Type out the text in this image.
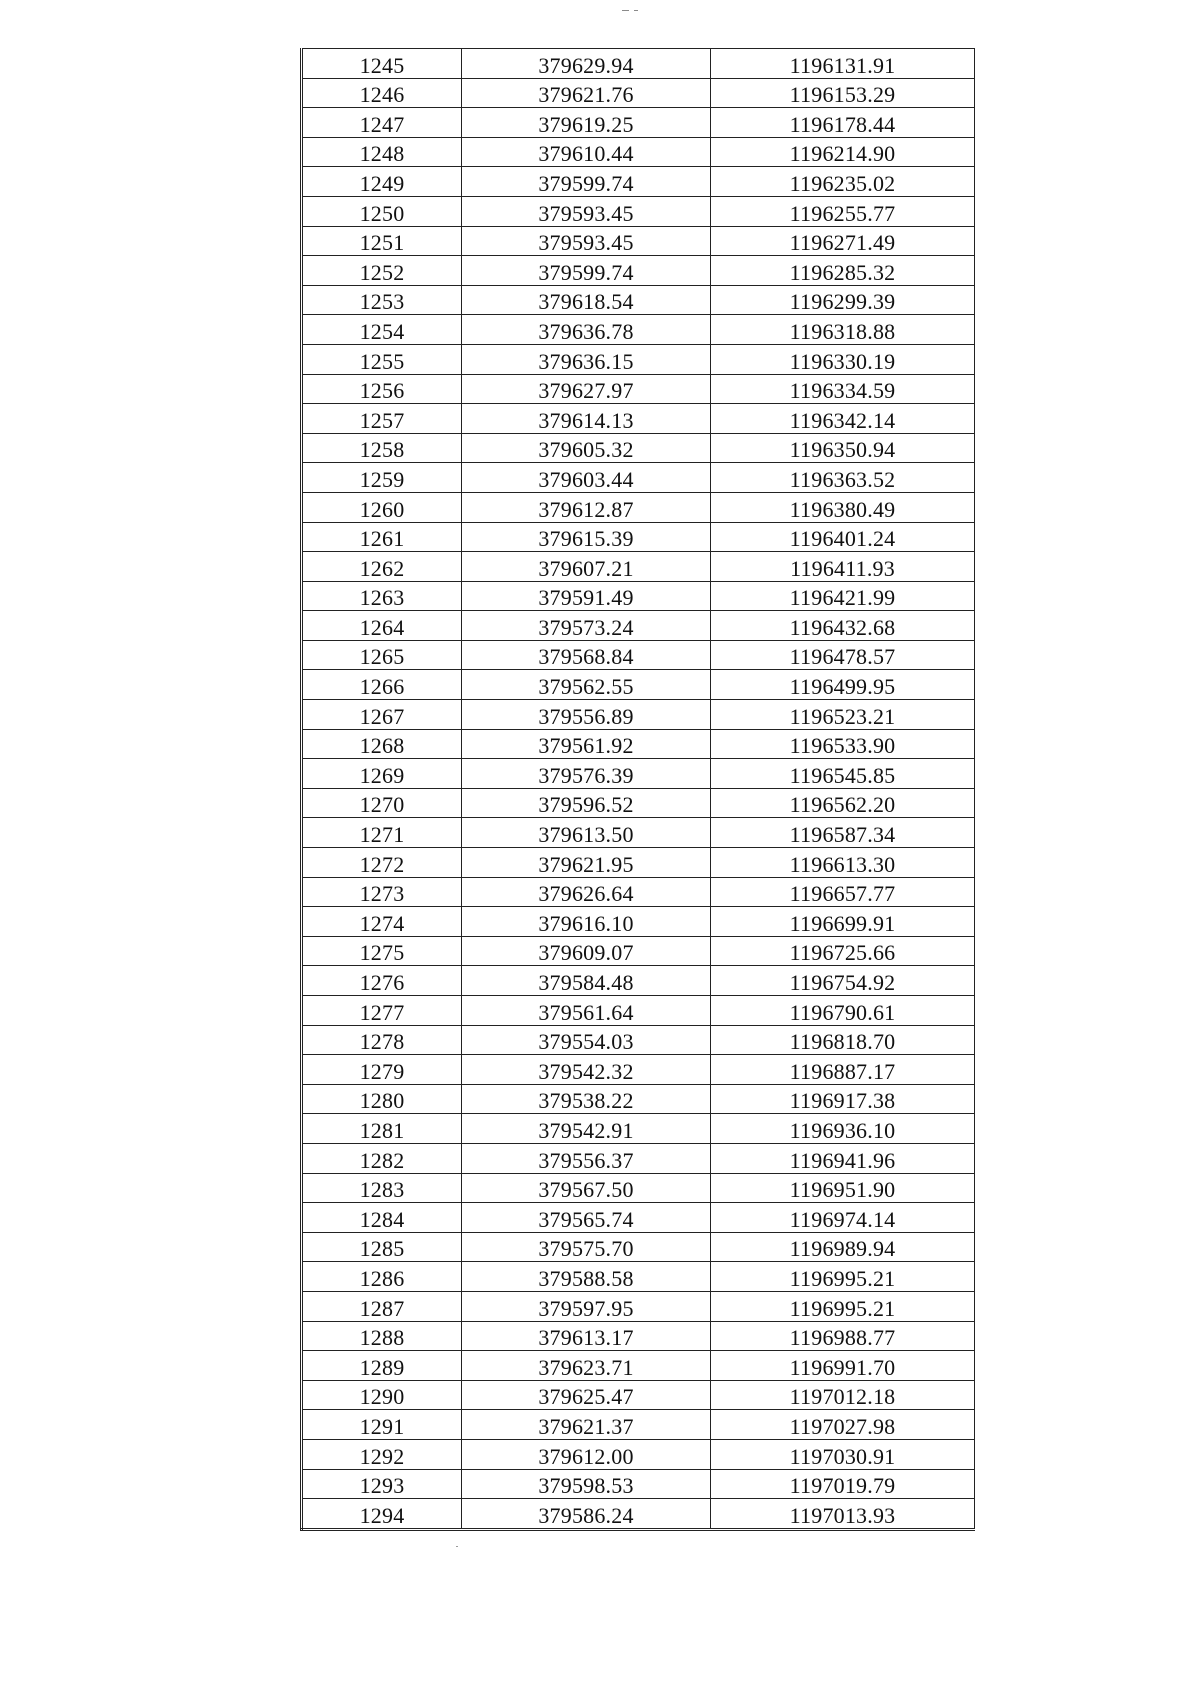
1245	379629.94	1196131.91
1246	379621.76	1196153.29
1247	379619.25	1196178.44
1248	379610.44	1196214.90
1249	379599.74	1196235.02
1250	379593.45	1196255.77
1251	379593.45	1196271.49
1252	379599.74	1196285.32
1253	379618.54	1196299.39
1254	379636.78	1196318.88
1255	379636.15	1196330.19
1256	379627.97	1196334.59
1257	379614.13	1196342.14
1258	379605.32	1196350.94
1259	379603.44	1196363.52
1260	379612.87	1196380.49
1261	379615.39	1196401.24
1262	379607.21	1196411.93
1263	379591.49	1196421.99
1264	379573.24	1196432.68
1265	379568.84	1196478.57
1266	379562.55	1196499.95
1267	379556.89	1196523.21
1268	379561.92	1196533.90
1269	379576.39	1196545.85
1270	379596.52	1196562.20
1271	379613.50	1196587.34
1272	379621.95	1196613.30
1273	379626.64	1196657.77
1274	379616.10	1196699.91
1275	379609.07	1196725.66
1276	379584.48	1196754.92
1277	379561.64	1196790.61
1278	379554.03	1196818.70
1279	379542.32	1196887.17
1280	379538.22	1196917.38
1281	379542.91	1196936.10
1282	379556.37	1196941.96
1283	379567.50	1196951.90
1284	379565.74	1196974.14
1285	379575.70	1196989.94
1286	379588.58	1196995.21
1287	379597.95	1196995.21
1288	379613.17	1196988.77
1289	379623.71	1196991.70
1290	379625.47	1197012.18
1291	379621.37	1197027.98
1292	379612.00	1197030.91
1293	379598.53	1197019.79
1294	379586.24	1197013.93
